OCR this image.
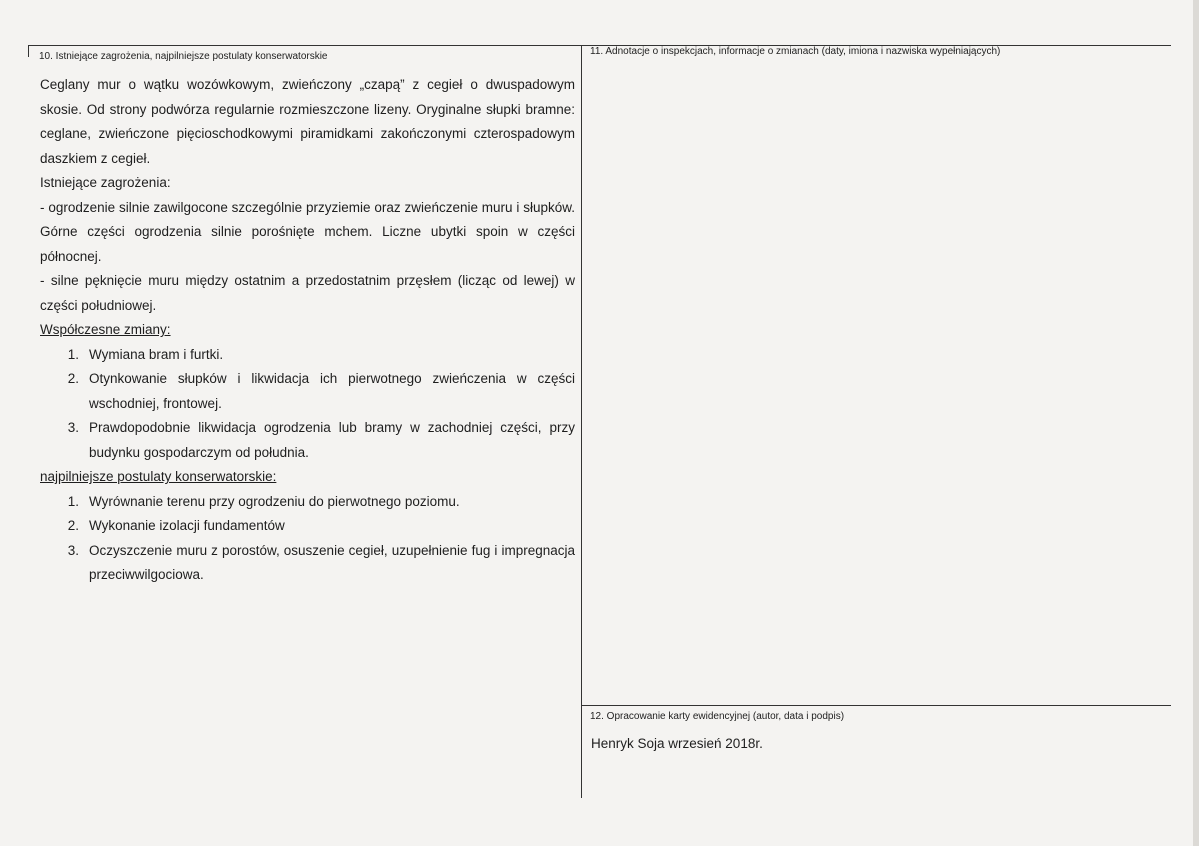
10. Istniejące zagrożenia, najpilniejsze postulaty konserwatorskie	11. Adnotacje o inspekcjach, informacje o zmianach (daty, imiona i nazwiska wypełniających)
12. Opracowanie karty ewidencyjnej (autor, data i podpis)
Ceglany mur o wątku wozówkowym, zwieńczony „czapą” z cegieł o dwuspadowym skosie. Od strony podwórza regularnie rozmieszczone lizeny. Oryginalne słupki bramne: ceglane, zwieńczone pięcioschodkowymi piramidkami zakończonymi czterospadowym daszkiem z cegieł.
Istniejące zagrożenia:
- ogrodzenie silnie zawilgocone szczególnie przyziemie oraz zwieńczenie muru i słupków. Górne części ogrodzenia silnie porośnięte mchem. Liczne ubytki spoin w części północnej.
- silne pęknięcie muru między ostatnim a przedostatnim przęsłem (licząc od lewej) w części południowej.
Współczesne zmiany:
1. Wymiana bram i furtki.
2. Otynkowanie słupków i likwidacja ich pierwotnego zwieńczenia w części wschodniej, frontowej.
3. Prawdopodobnie likwidacja ogrodzenia lub bramy w zachodniej części, przy budynku gospodarczym od południa.
najpilniejsze postulaty konserwatorskie:
1. Wyrównanie terenu przy ogrodzeniu do pierwotnego poziomu.
2. Wykonanie izolacji fundamentów
3. Oczyszczenie muru z porostów, osuszenie cegieł, uzupełnienie fug i impregnacja przeciwwilgociowa.
Henryk Soja wrzesień 2018r.
